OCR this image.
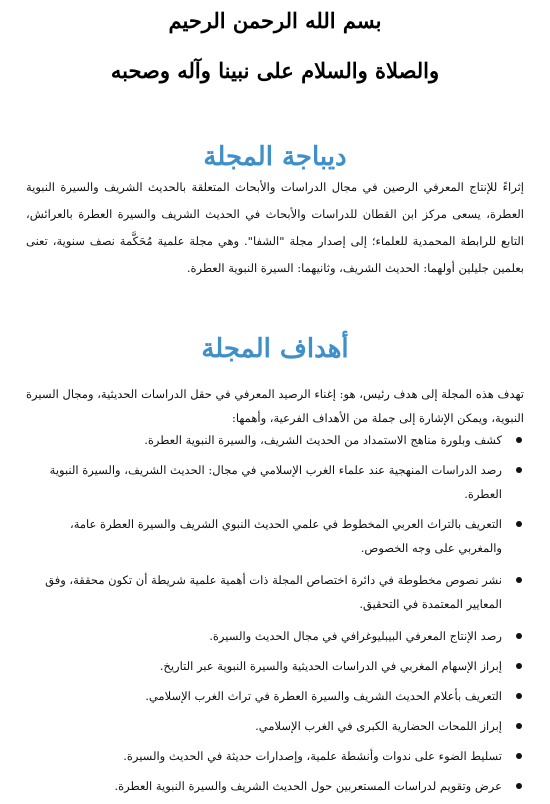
بسم الله الرحمن الرحيم
والصلاة والسلام على نبينا وآله وصحبه
ديباجة المجلة

إثراءً للإنتاج المعرفي الرصين في مجال الدراسات والأبحاث المتعلقة بالحديث الشريف والسيرة النبوية العطرة، يسعى مركز ابن القطان للدراسات والأبحاث في الحديث الشريف والسيرة العطرة بالعرائش، التابع للرابطة المحمدية للعلماء؛ إلى إصدار مجلة "الشفا". وهي مجلة علمية مُحَكَّمة نصف سنوية، تعنى بعلمين جليلين أولهما: الحديث الشريف، وثانيهما: السيرة النبوية العطرة.

أهداف المجلة

تهدف هذه المجلة إلى هدف رئيس، هو: إغناء الرصيد المعرفي في حقل الدراسات الحديثية، ومجال السيرة النبوية، ويمكن الإشارة إلى جملة من الأهداف الفرعية، وأهمها:

كشف وبلورة مناهج الاستمداد من الحديث الشريف، والسيرة النبوية العطرة.
رصد الدراسات المنهجية عند علماء الغرب الإسلامي في مجال: الحديث الشريف، والسيرة النبوية العطرة.
التعريف بالتراث العربي المخطوط في علمي الحديث النبوي الشريف والسيرة العطرة عامة، والمغربي على وجه الخصوص.
نشر نصوص مخطوطة في دائرة اختصاص المجلة ذات أهمية علمية شريطة أن تكون محققة، وفق المعايير المعتمدة في التحقيق.
رصد الإنتاج المعرفي البيبليوغرافي في مجال الحديث والسيرة.
إبراز الإسهام المغربي في الدراسات الحديثية والسيرة النبوية عبر التاريخ.
التعريف بأعلام الحديث الشريف والسيرة العطرة في تراث الغرب الإسلامي.
إبراز اللمحات الحضارية الكبرى في الغرب الإسلامي.
تسليط الضوء على ندوات وأنشطة علمية، وإصدارات حديثة في الحديث والسيرة.
عرض وتقويم لدراسات المستعربين حول الحديث الشريف والسيرة النبوية العطرة.
